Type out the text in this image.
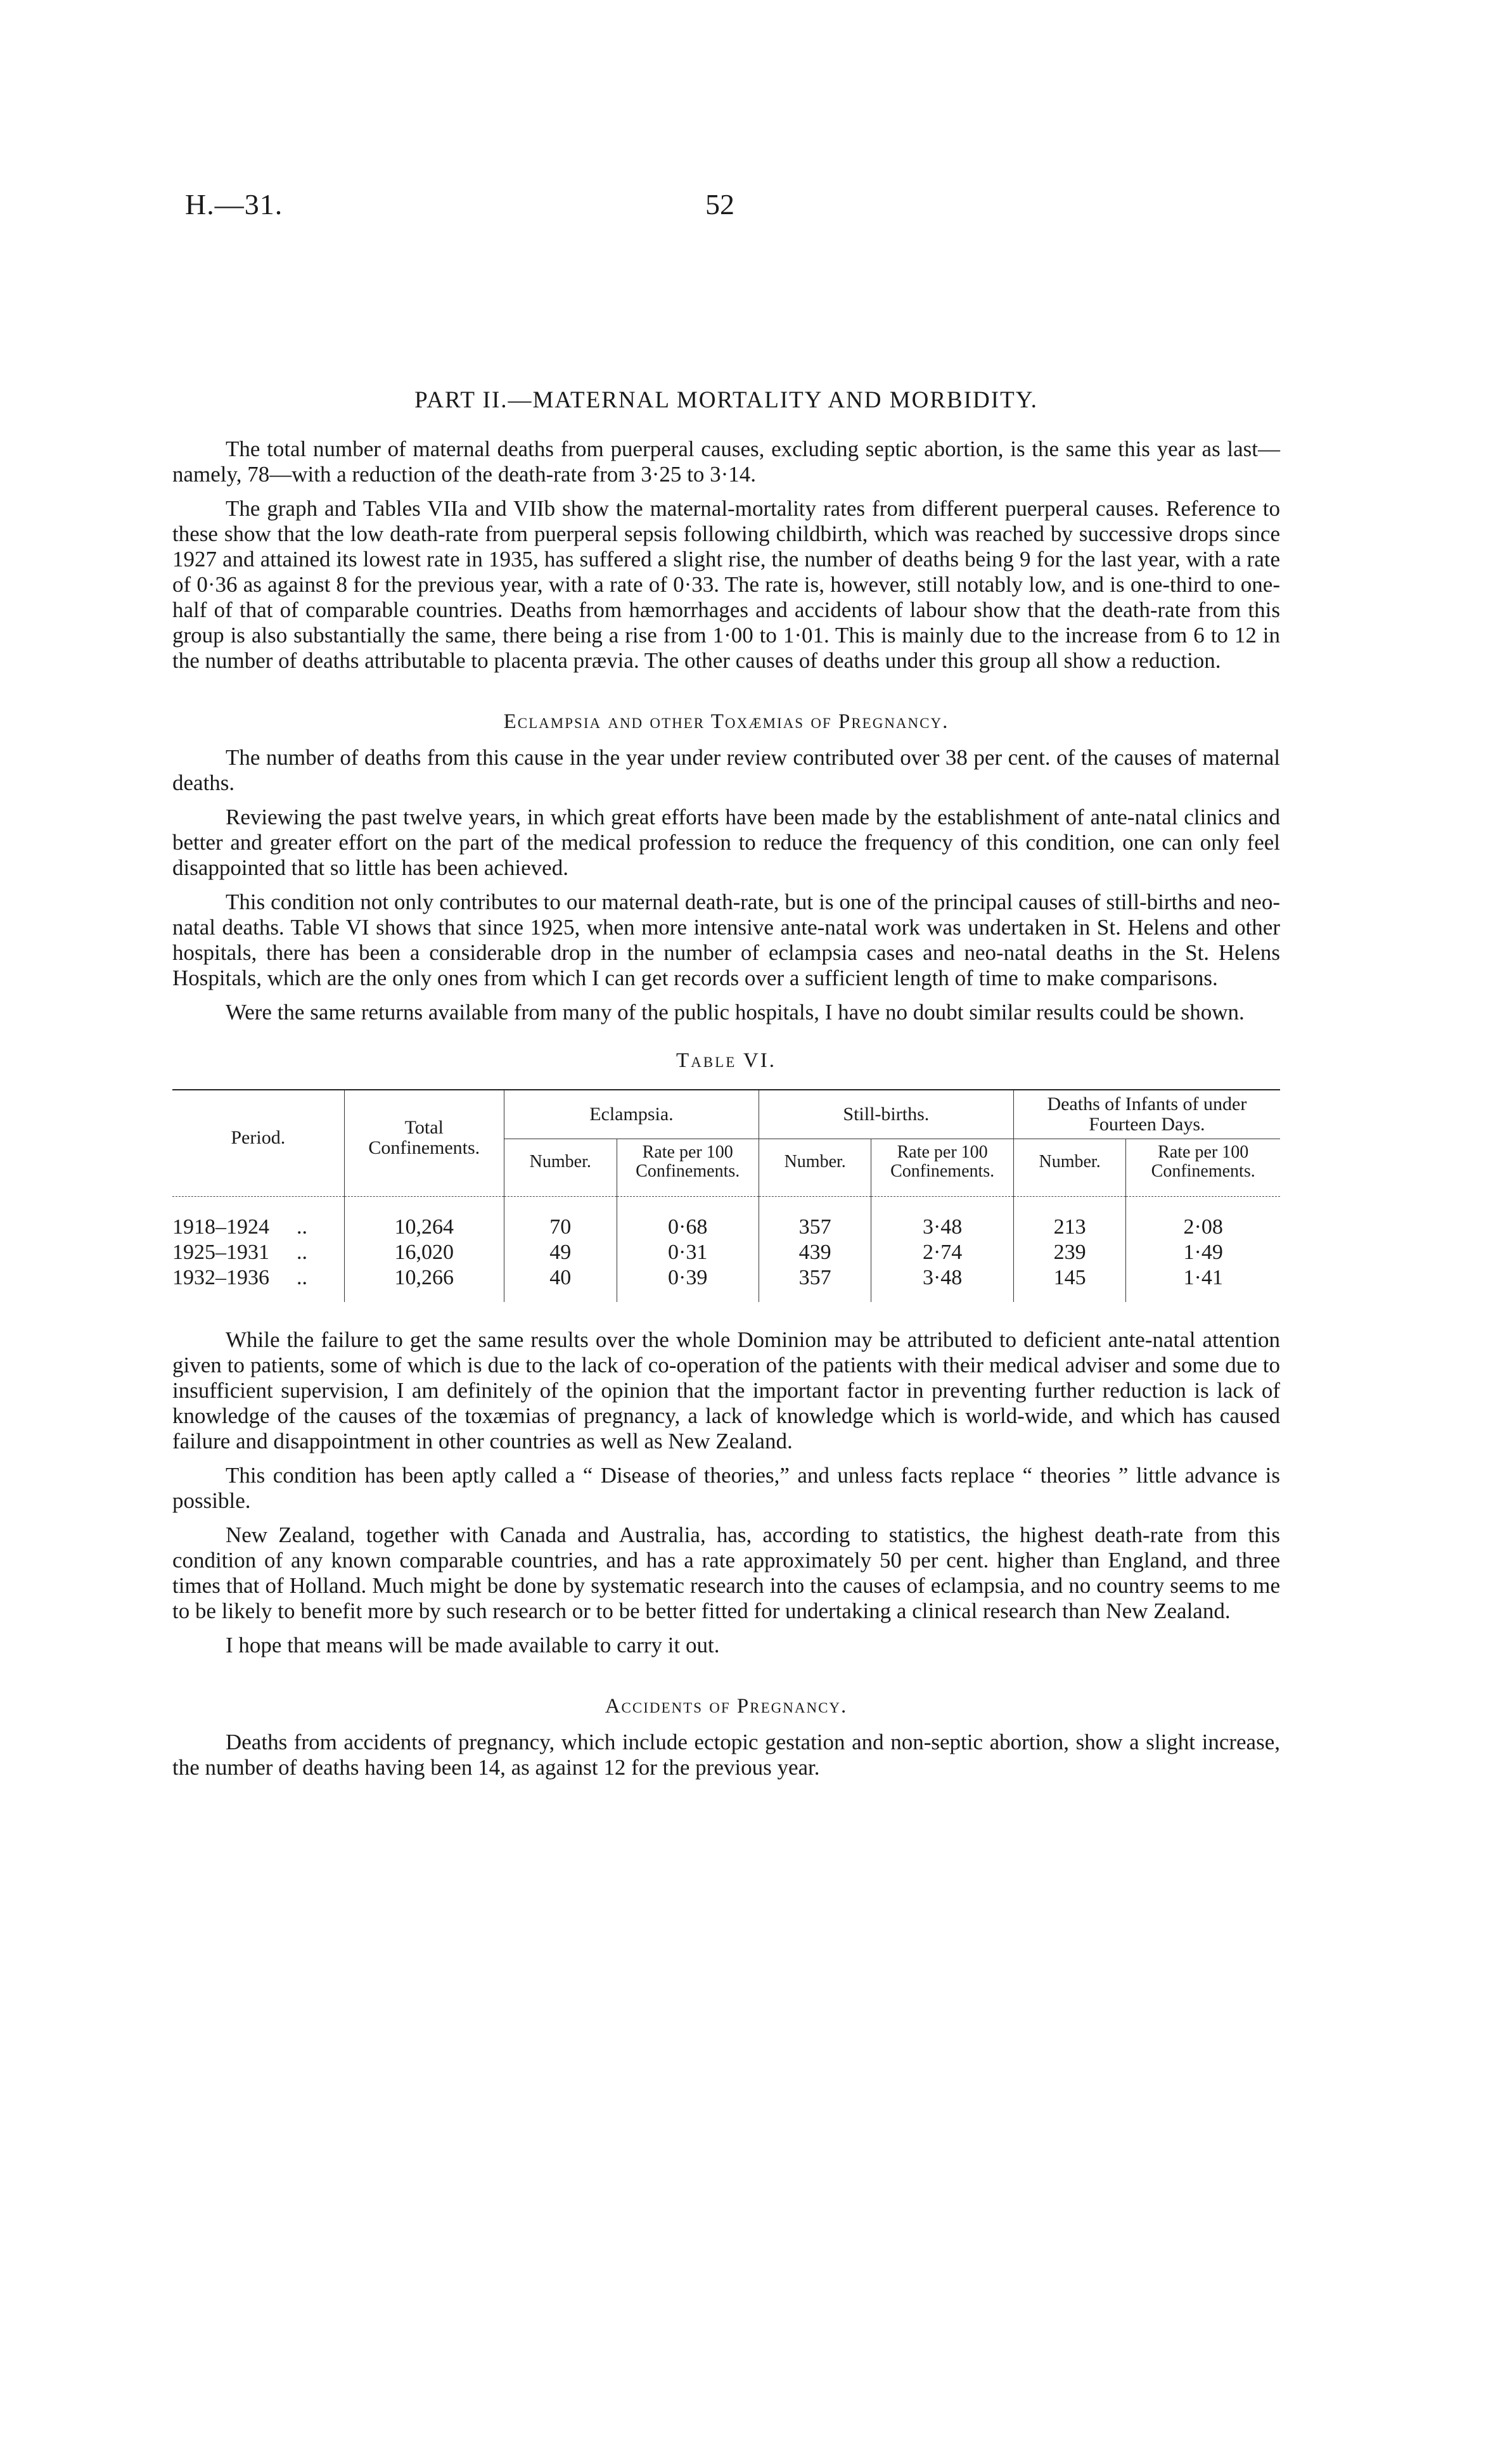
H.—31.	52
PART II.—MATERNAL MORTALITY AND MORBIDITY.

The total number of maternal deaths from puerperal causes, excluding septic abortion, is the same this year as last—namely, 78—with a reduction of the death-rate from 3·25 to 3·14.

The graph and Tables VIIa and VIIb show the maternal-mortality rates from different puerperal causes. Reference to these show that the low death-rate from puerperal sepsis following childbirth, which was reached by successive drops since 1927 and attained its lowest rate in 1935, has suffered a slight rise, the number of deaths being 9 for the last year, with a rate of 0·36 as against 8 for the previous year, with a rate of 0·33. The rate is, however, still notably low, and is one-third to one-half of that of comparable countries. Deaths from hæmorrhages and accidents of labour show that the death-rate from this group is also substantially the same, there being a rise from 1·00 to 1·01. This is mainly due to the increase from 6 to 12 in the number of deaths attributable to placenta prævia. The other causes of deaths under this group all show a reduction.

Eclampsia and other Toxæmias of Pregnancy.

The number of deaths from this cause in the year under review contributed over 38 per cent. of the causes of maternal deaths.

Reviewing the past twelve years, in which great efforts have been made by the establishment of ante-natal clinics and better and greater effort on the part of the medical profession to reduce the frequency of this condition, one can only feel disappointed that so little has been achieved.

This condition not only contributes to our maternal death-rate, but is one of the principal causes of still-births and neo-natal deaths. Table VI shows that since 1925, when more intensive ante-natal work was undertaken in St. Helens and other hospitals, there has been a considerable drop in the number of eclampsia cases and neo-natal deaths in the St. Helens Hospitals, which are the only ones from which I can get records over a sufficient length of time to make comparisons.

Were the same returns available from many of the public hospitals, I have no doubt similar results could be shown.

Table VI.
Period.	Total Confinements.	Eclampsia.		Still-births.		Deaths of Infants of under Fourteen Days.	
		Number.	Rate per 100 Confinements.	Number.	Rate per 100 Confinements.	Number.	Rate per 100 Confinements.

1918–1924 ..	10,264	70	0·68	357	3·48	213	2·08
1925–1931 ..	16,020	49	0·31	439	2·74	239	1·49
1932–1936 ..	10,266	40	0·39	357	3·48	145	1·41

While the failure to get the same results over the whole Dominion may be attributed to deficient ante-natal attention given to patients, some of which is due to the lack of co-operation of the patients with their medical adviser and some due to insufficient supervision, I am definitely of the opinion that the important factor in preventing further reduction is lack of knowledge of the causes of the toxæmias of pregnancy, a lack of knowledge which is world-wide, and which has caused failure and disappointment in other countries as well as New Zealand.

This condition has been aptly called a “ Disease of theories,” and unless facts replace “ theories ” little advance is possible.

New Zealand, together with Canada and Australia, has, according to statistics, the highest death-rate from this condition of any known comparable countries, and has a rate approximately 50 per cent. higher than England, and three times that of Holland. Much might be done by systematic research into the causes of eclampsia, and no country seems to me to be likely to benefit more by such research or to be better fitted for undertaking a clinical research than New Zealand.

I hope that means will be made available to carry it out.

Accidents of Pregnancy.

Deaths from accidents of pregnancy, which include ectopic gestation and non-septic abortion, show a slight increase, the number of deaths having been 14, as against 12 for the previous year.
